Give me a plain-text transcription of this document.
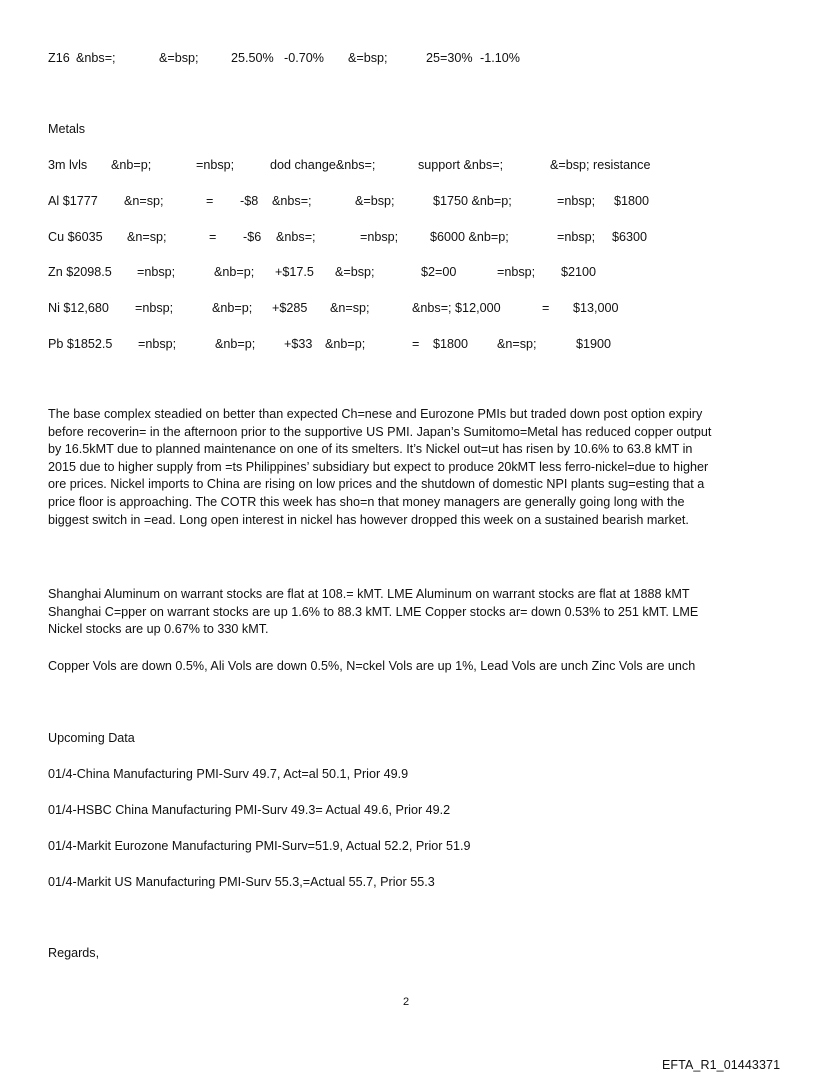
Z16 &nbs=;	&=bsp;	25.50% -0.70% &=bsp;	25=30% -1.10%
Metals
3m lvls &nb=p;	=nbsp;	dod change&nbs=;	support &nbs=;	&=bsp; resistance
Al $1777 &n=sp;	= -$8 &nbs=;	&=bsp;	$1750 &nb=p;	=nbsp; $1800
Cu $6035 &n=sp;	= -$6 &nbs=;	=nbsp;	$6000 &nb=p;	=nbsp; $6300
Zn $2098.5 =nbsp;	&nb=p; +$17.5 &=bsp;	$2=00	=nbsp; $2100
Ni $12,680 =nbsp;	&nb=p; +$285 &n=sp;	&nbs=; $12,000	= $13,000
Pb $1852.5 =nbsp;	&nb=p; +$33 &nb=p;	= $1800 &n=sp;	$1900
The base complex steadied on better than expected Ch=nese and Eurozone PMIs but traded down post option expiry
before recoverin= in the afternoon prior to the supportive US PMI. Japan’s Sumitomo=Metal has reduced copper output
by 16.5kMT due to planned maintenance on one of its smelters. It’s Nickel out=ut has risen by 10.6% to 63.8 kMT in
2015 due to higher supply from =ts Philippines’ subsidiary but expect to produce 20kMT less ferro-nickel=due to higher
ore prices. Nickel imports to China are rising on low prices and the shutdown of domestic NPI plants sug=esting that a
price floor is approaching. The COTR this week has sho=n that money managers are generally going long with the
biggest switch in =ead. Long open interest in nickel has however dropped this week on a sustained bearish market.
Shanghai Aluminum on warrant stocks are flat at 108.= kMT. LME Aluminum on warrant stocks are flat at 1888 kMT
Shanghai C=pper on warrant stocks are up 1.6% to 88.3 kMT. LME Copper stocks ar= down 0.53% to 251 kMT. LME
Nickel stocks are up 0.67% to 330 kMT.
Copper Vols are down 0.5%, Ali Vols are down 0.5%, N=ckel Vols are up 1%, Lead Vols are unch Zinc Vols are unch
Upcoming Data
01/4-China Manufacturing PMI-Surv 49.7, Act=al 50.1, Prior 49.9
01/4-HSBC China Manufacturing PMI-Surv 49.3= Actual 49.6, Prior 49.2
01/4-Markit Eurozone Manufacturing PMI-Surv=51.9, Actual 52.2, Prior 51.9
01/4-Markit US Manufacturing PMI-Surv 55.3,=Actual 55.7, Prior 55.3
Regards,
2
EFTA_R1_01443371
